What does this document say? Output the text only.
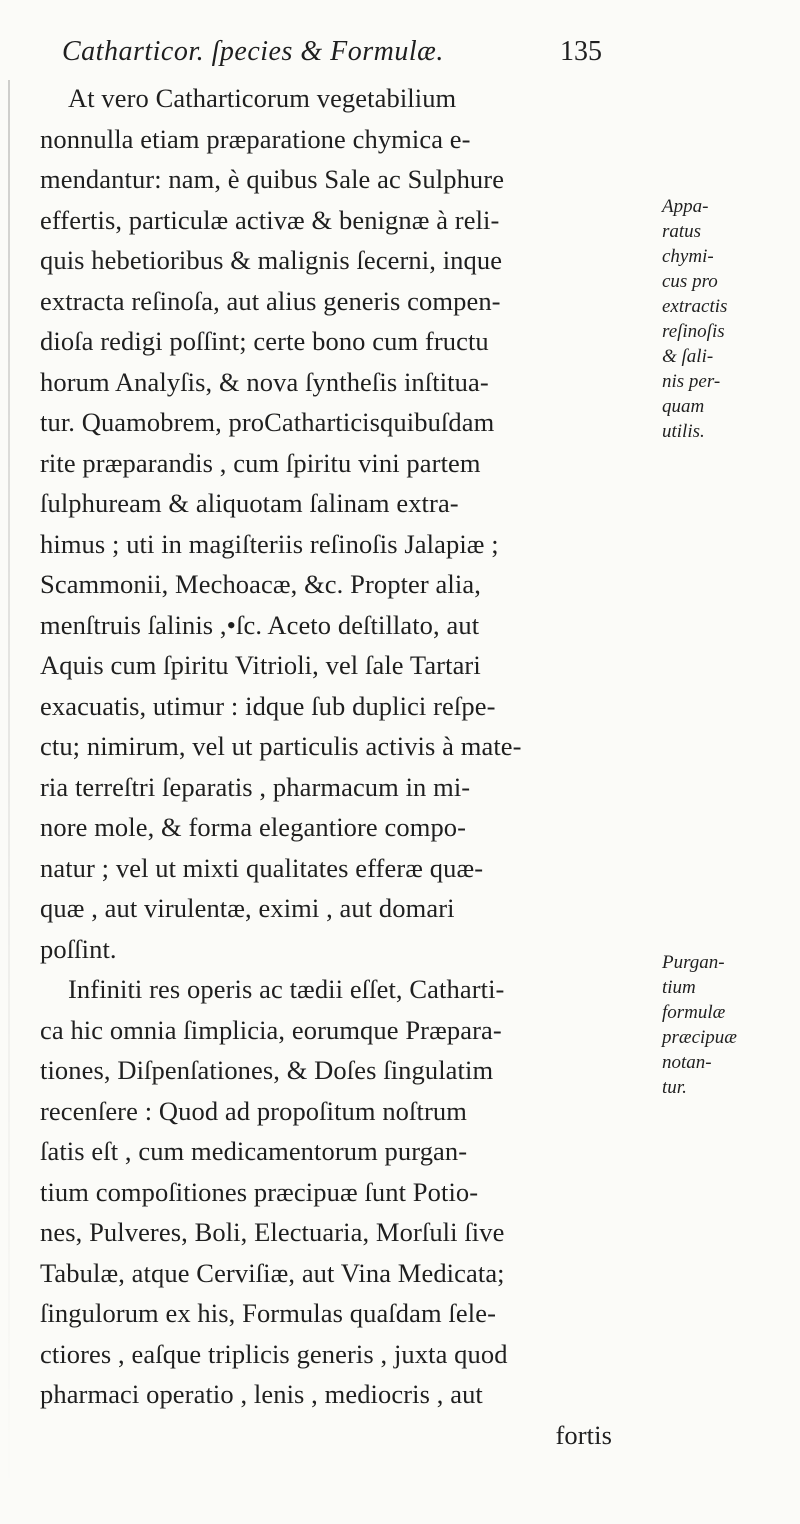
Catharticor. ſpecies & Formulæ.	135
At vero Catharticorum vegetabilium
nonnulla etiam præparatione chymica e-
mendantur: nam, è quibus Sale ac Sulphure
effertis, particulæ activæ & benignæ à reli-
quis hebetioribus & malignis ſecerni, inque
extracta reſinoſa, aut alius generis compen-
dioſa redigi poſſint; certe bono cum fructu
horum Analyſis, & nova ſyntheſis inſtitua-
tur. Quamobrem, proCatharticisquibuſdam
rite præparandis , cum ſpiritu vini partem
ſulphuream & aliquotam ſalinam extra-
himus ; uti in magiſteriis reſinoſis Jalapiæ ;
Scammonii, Mechoacæ, &c. Propter alia,
menſtruis ſalinis ,•ſc. Aceto deſtillato, aut
Aquis cum ſpiritu Vitrioli, vel ſale Tartari
exacuatis, utimur : idque ſub duplici reſpe-
ctu; nimirum, vel ut particulis activis à mate-
ria terreſtri ſeparatis , pharmacum in mi-
nore mole, & forma elegantiore compo-
natur ; vel ut mixti qualitates efferæ quæ-
quæ , aut virulentæ, eximi , aut domari
poſſint.
Infiniti res operis ac tædii eſſet, Catharti-
ca hic omnia ſimplicia, eorumque Præpara-
tiones, Diſpenſationes, & Doſes ſingulatim
recenſere : Quod ad propoſitum noſtrum
ſatis eſt , cum medicamentorum purgan-
tium compoſitiones præcipuæ ſunt Potio-
nes, Pulveres, Boli, Electuaria, Morſuli ſive
Tabulæ, atque Cerviſiæ, aut Vina Medicata;
ſingulorum ex his, Formulas quaſdam ſele-
ctiores , eaſque triplicis generis , juxta quod
pharmaci operatio , lenis , mediocris , aut
fortis
Appa-
ratus
chymi-
cus pro
extractis
reſinoſis
& ſali-
nis per-
quam
utilis.
Purgan-
tium
formulæ
præcipuæ
notan-
tur.
